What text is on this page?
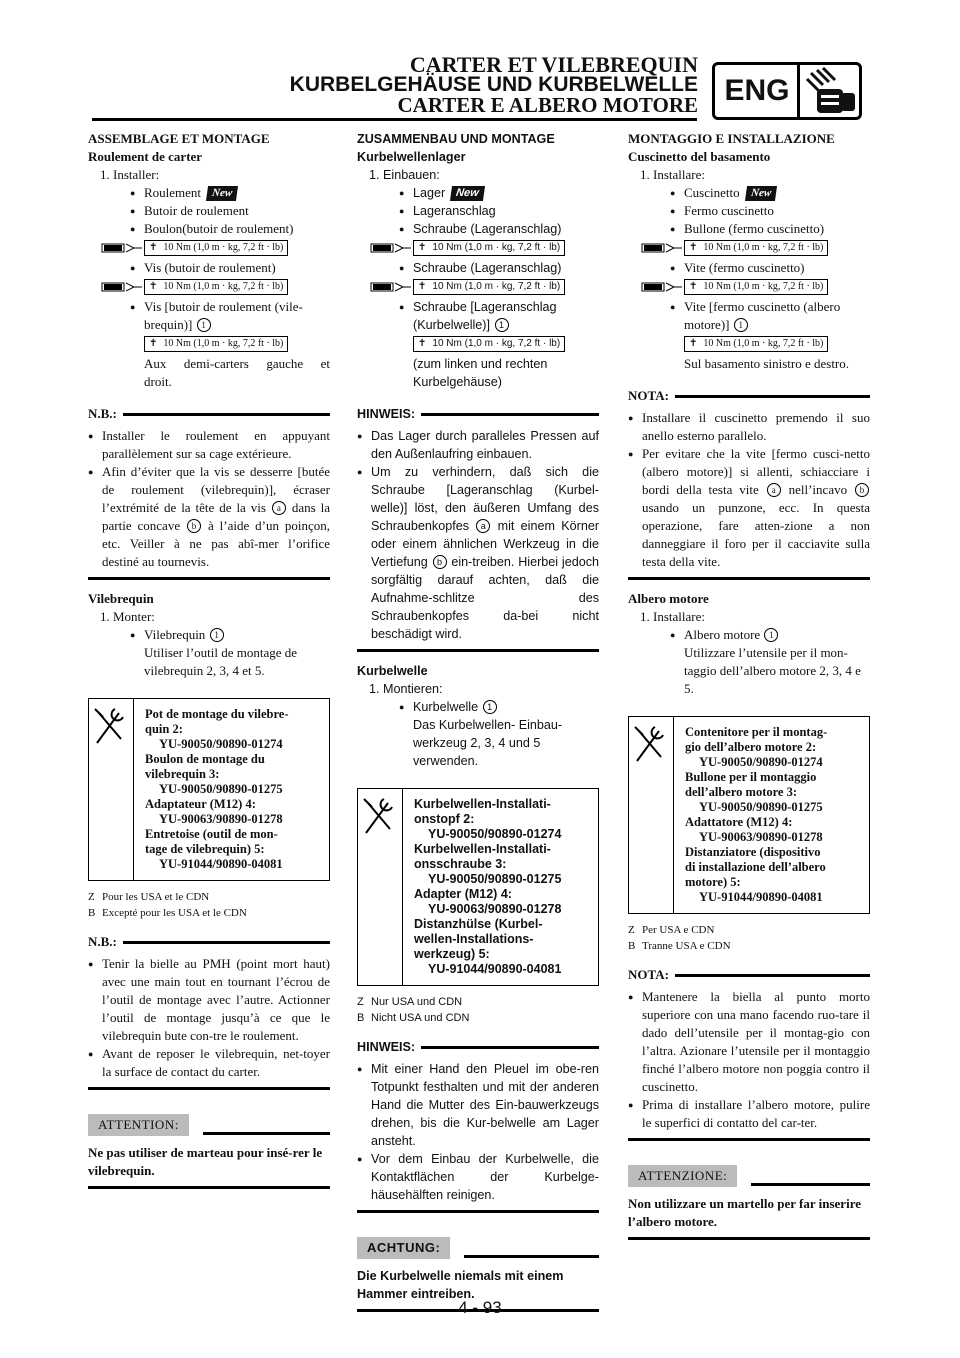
CARTER ET VILEBREQUIN
KURBELGEHÄUSE UND KURBELWELLE
CARTER E ALBERO MOTORE ENG

ASSEMBLAGE ET MONTAGE

Roulement de carter

1. Installer:

● Roulement New

● Butoir de roulement

● Boulon(butoir de roulement)

✝ 10 Nm (1,0 m · kg, 7,2 ft · lb)

● Vis (butoir de roulement)

✝ 10 Nm (1,0 m · kg, 7,2 ft · lb)

● Vis [butoir de roulement (vile-

brequin)] 1

✝ 10 Nm (1,0 m · kg, 7,2 ft · lb)

Aux demi-carters gauche et

droit.

N.B.:

● Installer le roulement en appuyant parallèlement sur sa cage extérieure.

● Afin d’éviter que la vis se desserre [butée de roulement (vilebrequin)], écraser l’extrémité de la tête de la vis a dans la partie concave b à l’aide d’un poinçon, etc. Veiller à ne pas abî-mer l’orifice destiné au tournevis.

Vilebrequin

1. Monter:

● Vilebrequin 1

Utiliser l’outil de montage de

vilebrequin 2, 3, 4 et 5.

Pot de montage du vilebre-
quin 2:
YU-90050/90890-01274
Boulon de montage du
vilebrequin 3:
YU-90050/90890-01275
Adaptateur (M12) 4:
YU-90063/90890-01278
Entretoise (outil de mon-
tage de vilebrequin) 5:
YU-91044/90890-04081

Z Pour les USA et le CDN

B Excepté pour les USA et le CDN

N.B.:

● Tenir la bielle au PMH (point mort haut) avec une main tout en tournant l’écrou de l’outil de montage avec l’autre. Actionner l’outil de montage jusqu’à ce que le vilebrequin bute con-tre le roulement.

● Avant de reposer le vilebrequin, net-toyer la surface de contact du carter.

ATTENTION:

Ne pas utiliser de marteau pour insé-rer le vilebrequin.

ZUSAMMENBAU UND MONTAGE

Kurbelwellenlager

1. Einbauen:

● Lager New

● Lageranschlag

● Schraube (Lageranschlag)

✝ 10 Nm (1,0 m · kg, 7,2 ft · lb)

● Schraube (Lageranschlag)

✝ 10 Nm (1,0 m · kg, 7,2 ft · lb)

● Schraube [Lageranschlag

(Kurbelwelle)] 1

✝ 10 Nm (1,0 m · kg, 7,2 ft · lb)

(zum linken und rechten

Kurbelgehäuse)

HINWEIS:

● Das Lager durch paralleles Pressen auf den Außenlaufring einbauen.

● Um zu verhindern, daß sich die Schraube [Lageranschlag (Kurbel-welle)] löst, den äußeren Umfang des Schraubenkopfes a mit einem Körner oder einem ähnlichen Werkzeug in die Vertiefung b ein-treiben. Hierbei jedoch sorgfältig darauf achten, daß die Aufnahme-schlitze des Schraubenkopfes da-bei nicht beschädigt wird.

Kurbelwelle

1. Montieren:

● Kurbelwelle 1

Das Kurbelwellen- Einbau-

werkzeug 2, 3, 4 und 5

verwenden.

Kurbelwellen-Installati-
onstopf 2:
YU-90050/90890-01274
Kurbelwellen-Installati-
onsschraube 3:
YU-90050/90890-01275
Adapter (M12) 4:
YU-90063/90890-01278
Distanzhülse (Kurbel-
wellen-Installations-
werkzeug) 5:
YU-91044/90890-04081

Z Nur USA und CDN

B Nicht USA und CDN

HINWEIS:

● Mit einer Hand den Pleuel im obe-ren Totpunkt festhalten und mit der anderen Hand die Mutter des Ein-bauwerkzeugs drehen, bis die Kur-belwelle am Lager ansteht.

● Vor dem Einbau der Kurbelwelle, die Kontaktflächen der Kurbelge-häusehälften reinigen.

ACHTUNG:

Die Kurbelwelle niemals mit einem Hammer eintreiben.

MONTAGGIO E INSTALLAZIONE

Cuscinetto del basamento

1. Installare:

● Cuscinetto New

● Fermo cuscinetto

● Bullone (fermo cuscinetto)

✝ 10 Nm (1,0 m · kg, 7,2 ft · lb)

● Vite (fermo cuscinetto)

✝ 10 Nm (1,0 m · kg, 7,2 ft · lb)

● Vite [fermo cuscinetto (albero

motore)] 1

✝ 10 Nm (1,0 m · kg, 7,2 ft · lb)

Sul basamento sinistro e destro.

NOTA:

● Installare il cuscinetto premendo il suo anello esterno parallelo.

● Per evitare che la vite [fermo cusci-netto (albero motore)] si allenti, schiacciare i bordi della testa vite a nell’incavo b usando un punzone, ecc. In questa operazione, fare atten-zione a non danneggiare il foro per il cacciavite sulla testa della vite.

Albero motore

1. Installare:

● Albero motore 1

Utilizzare l’utensile per il mon-

taggio dell’albero motore 2, 3, 4 e 5.

Contenitore per il montag-
gio dell’albero motore 2:
YU-90050/90890-01274
Bullone per il montaggio
dell’albero motore 3:
YU-90050/90890-01275
Adattatore (M12) 4:
YU-90063/90890-01278
Distanziatore (dispositivo
di installazione dell’albero
motore) 5:
YU-91044/90890-04081

Z Per USA e CDN

B Tranne USA e CDN

NOTA:

● Mantenere la biella al punto morto superiore con una mano facendo ruo-tare il dado dell’utensile per il montag-gio con l’altra. Azionare l’utensile per il montaggio finché l’albero motore non poggia contro il cuscinetto.

● Prima di installare l’albero motore, pulire le superfici di contatto del car-ter.

ATTENZIONE:

Non utilizzare un martello per far inserire l’albero motore.

4 - 93
